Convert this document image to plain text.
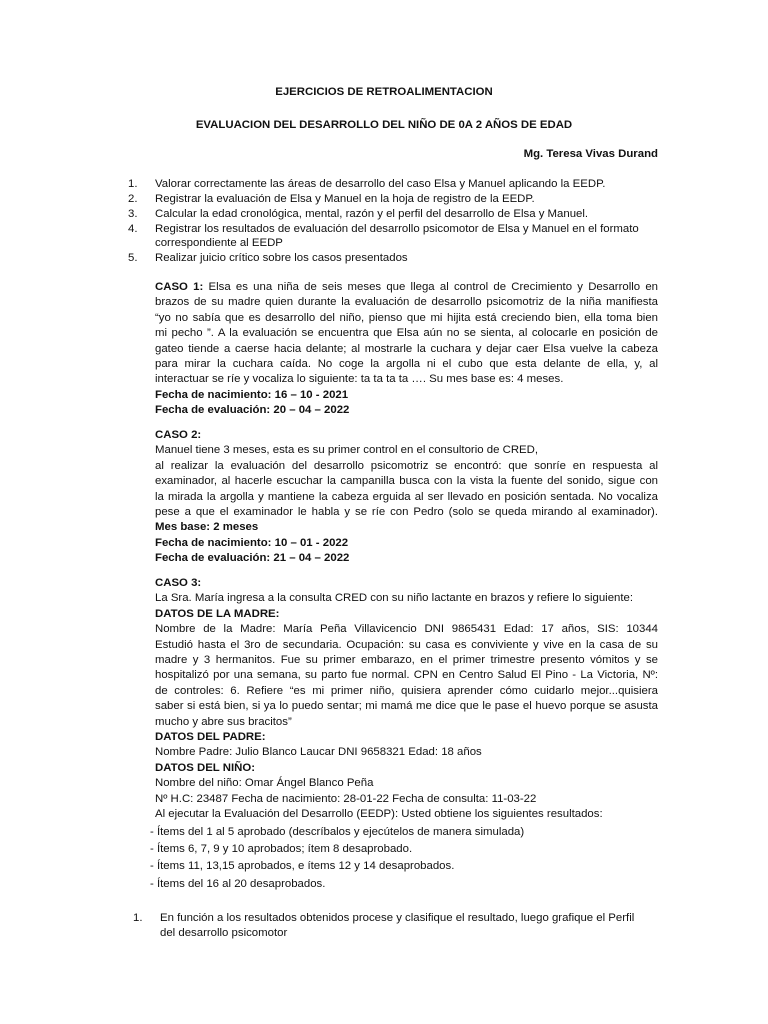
EJERCICIOS DE RETROALIMENTACION
EVALUACION DEL DESARROLLO DEL NIÑO DE 0A 2 AÑOS DE EDAD
Mg. Teresa Vivas Durand
1. Valorar correctamente las áreas de desarrollo del caso Elsa y Manuel aplicando la EEDP.
2. Registrar la evaluación de Elsa y Manuel en la hoja de registro de la EEDP.
3. Calcular la edad cronológica, mental, razón y el perfil del desarrollo de Elsa y Manuel.
4. Registrar los resultados de evaluación del desarrollo psicomotor de Elsa y Manuel en el formato
correspondiente al EEDP
5. Realizar juicio crítico sobre los casos presentados
CASO 1: Elsa es una niña de seis meses que llega al control de Crecimiento y Desarrollo en
brazos de su madre quien durante la evaluación de desarrollo psicomotriz de la niña manifiesta
“yo no sabía que es desarrollo del niño, pienso que mi hijita está creciendo bien, ella toma bien
mi pecho ”. A la evaluación se encuentra que Elsa aún no se sienta, al colocarle en posición de
gateo tiende a caerse hacia delante; al mostrarle la cuchara y dejar caer Elsa vuelve la cabeza
para mirar la cuchara caída. No coge la argolla ni el cubo que esta delante de ella, y, al
interactuar se ríe y vocaliza lo siguiente: ta ta ta ta …. Su mes base es: 4 meses.
Fecha de nacimiento: 16 – 10 - 2021
Fecha de evaluación: 20 – 04 – 2022
CASO 2:
Manuel tiene 3 meses, esta es su primer control en el consultorio de CRED,
al realizar la evaluación del desarrollo psicomotriz se encontró: que sonríe en respuesta al
examinador, al hacerle escuchar la campanilla busca con la vista la fuente del sonido, sigue con
la mirada la argolla y mantiene la cabeza erguida al ser llevado en posición sentada. No vocaliza
pese a que el examinador le habla y se ríe con Pedro (solo se queda mirando al examinador).
Mes base: 2 meses
Fecha de nacimiento: 10 – 01 - 2022
Fecha de evaluación: 21 – 04 – 2022
CASO 3:
La Sra. María ingresa a la consulta CRED con su niño lactante en brazos y refiere lo siguiente:
DATOS DE LA MADRE:
Nombre de la Madre: María Peña Villavicencio DNI 9865431 Edad: 17 años, SIS: 10344
Estudió hasta el 3ro de secundaria. Ocupación: su casa es conviviente y vive en la casa de su
madre y 3 hermanitos. Fue su primer embarazo, en el primer trimestre presento vómitos y se
hospitalizó por una semana, su parto fue normal. CPN en Centro Salud El Pino - La Victoria, Nº:
de controles: 6. Refiere “es mi primer niño, quisiera aprender cómo cuidarlo mejor...quisiera
saber si está bien, si ya lo puedo sentar; mi mamá me dice que le pase el huevo porque se asusta
mucho y abre sus bracitos”
DATOS DEL PADRE:
Nombre Padre: Julio Blanco Laucar DNI 9658321 Edad: 18 años
DATOS DEL NIÑO:
Nombre del niño: Omar Ángel Blanco Peña
Nº H.C: 23487 Fecha de nacimiento: 28-01-22 Fecha de consulta: 11-03-22
Al ejecutar la Evaluación del Desarrollo (EEDP): Usted obtiene los siguientes resultados:
- Ítems del 1 al 5 aprobado (descríbalos y ejecútelos de manera simulada)
- Ítems 6, 7, 9 y 10 aprobados; ítem 8 desaprobado.
- Ítems 11, 13,15 aprobados, e ítems 12 y 14 desaprobados.
- Ítems del 16 al 20 desaprobados.
1. En función a los resultados obtenidos procese y clasifique el resultado, luego grafique el Perfil
del desarrollo psicomotor
